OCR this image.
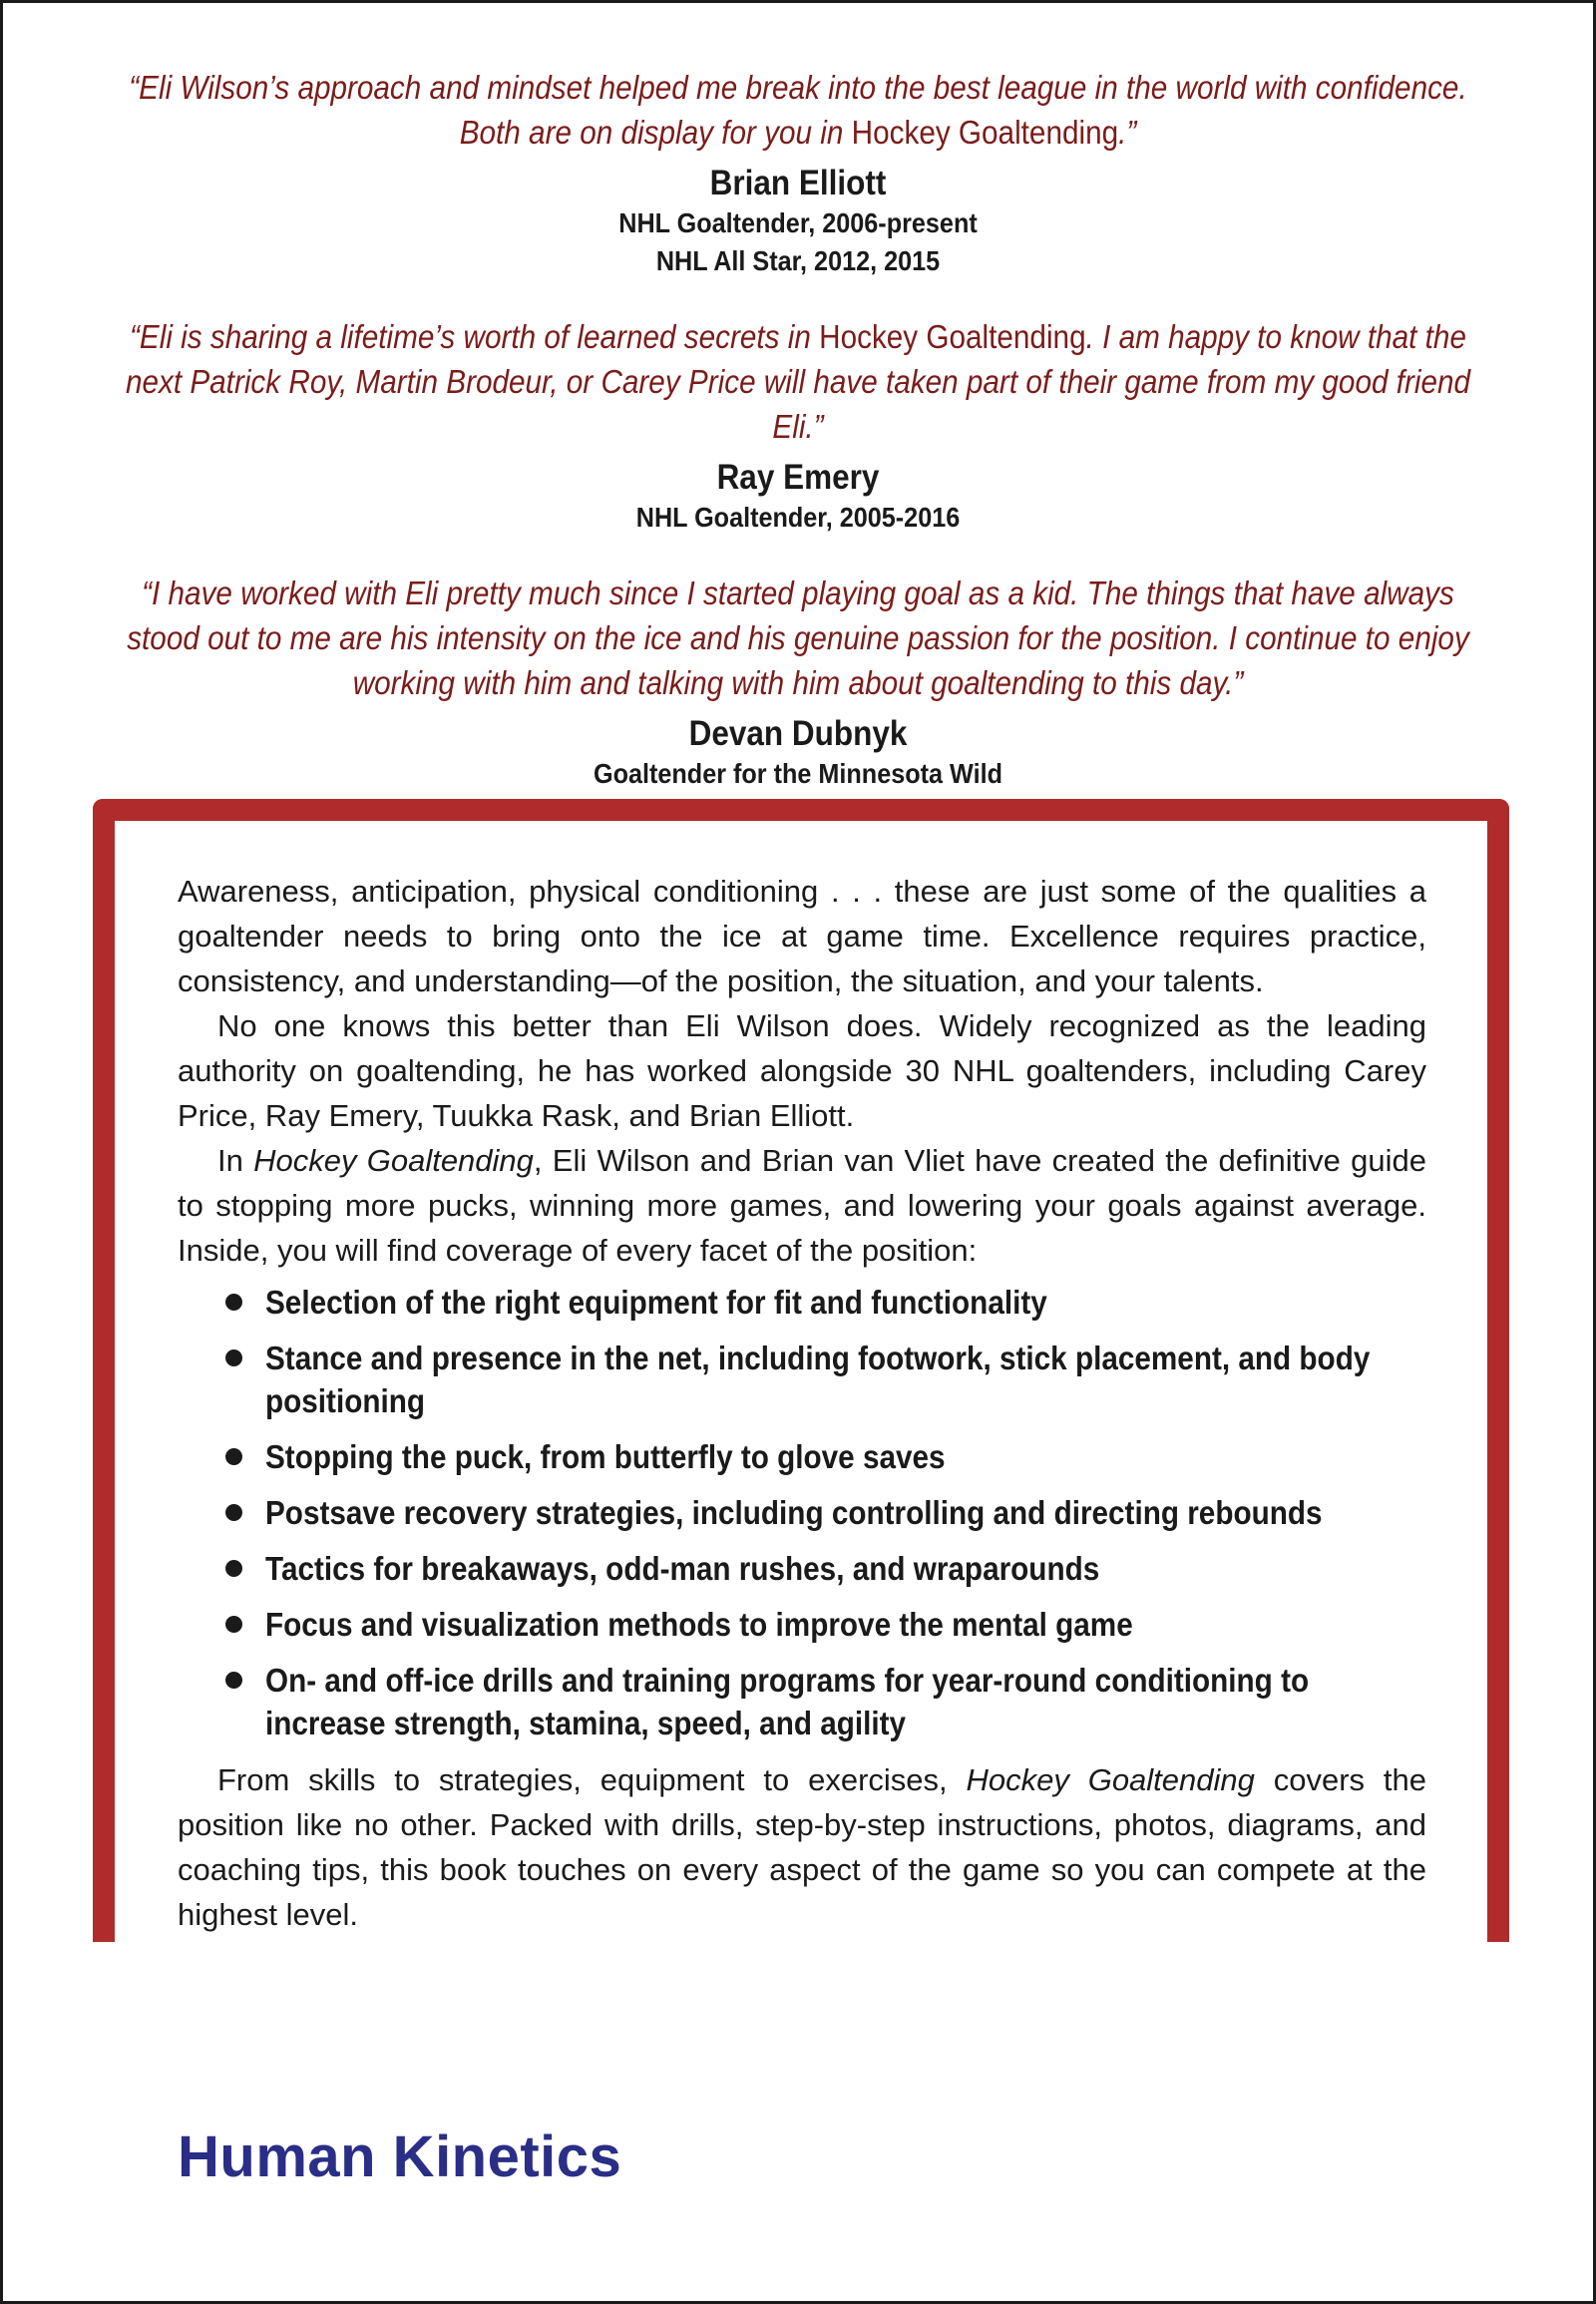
“Eli Wilson’s approach and mindset helped me break into the best league in the world with confidence. Both are on display for you in Hockey Goaltending.”

Brian Elliott
NHL Goaltender, 2006-present
NHL All Star, 2012, 2015

“Eli is sharing a lifetime’s worth of learned secrets in Hockey Goaltending. I am happy to know that the next Patrick Roy, Martin Brodeur, or Carey Price will have taken part of their game from my good friend Eli.”

Ray Emery
NHL Goaltender, 2005-2016

“I have worked with Eli pretty much since I started playing goal as a kid. The things that have always stood out to me are his intensity on the ice and his genuine passion for the position. I continue to enjoy working with him and talking with him about goaltending to this day.”

Devan Dubnyk
Goaltender for the Minnesota Wild

Awareness, anticipation, physical conditioning . . . these are just some of the qualities a goaltender needs to bring onto the ice at game time. Excellence requires practice, consistency, and understanding—of the position, the situation, and your talents.

No one knows this better than Eli Wilson does. Widely recognized as the leading authority on goaltending, he has worked alongside 30 NHL goaltenders, including Carey Price, Ray Emery, Tuukka Rask, and Brian Elliott.

In Hockey Goaltending, Eli Wilson and Brian van Vliet have created the definitive guide to stopping more pucks, winning more games, and lowering your goals against average. Inside, you will find coverage of every facet of the position:

Selection of the right equipment for fit and functionality
Stance and presence in the net, including footwork, stick placement, and body positioning
Stopping the puck, from butterfly to glove saves
Postsave recovery strategies, including controlling and directing rebounds
Tactics for breakaways, odd-man rushes, and wraparounds
Focus and visualization methods to improve the mental game
On- and off-ice drills and training programs for year-round conditioning to increase strength, stamina, speed, and agility

From skills to strategies, equipment to exercises, Hockey Goaltending covers the position like no other. Packed with drills, step-by-step instructions, photos, diagrams, and coaching tips, this book touches on every aspect of the game so you can compete at the highest level.

Human Kinetics
